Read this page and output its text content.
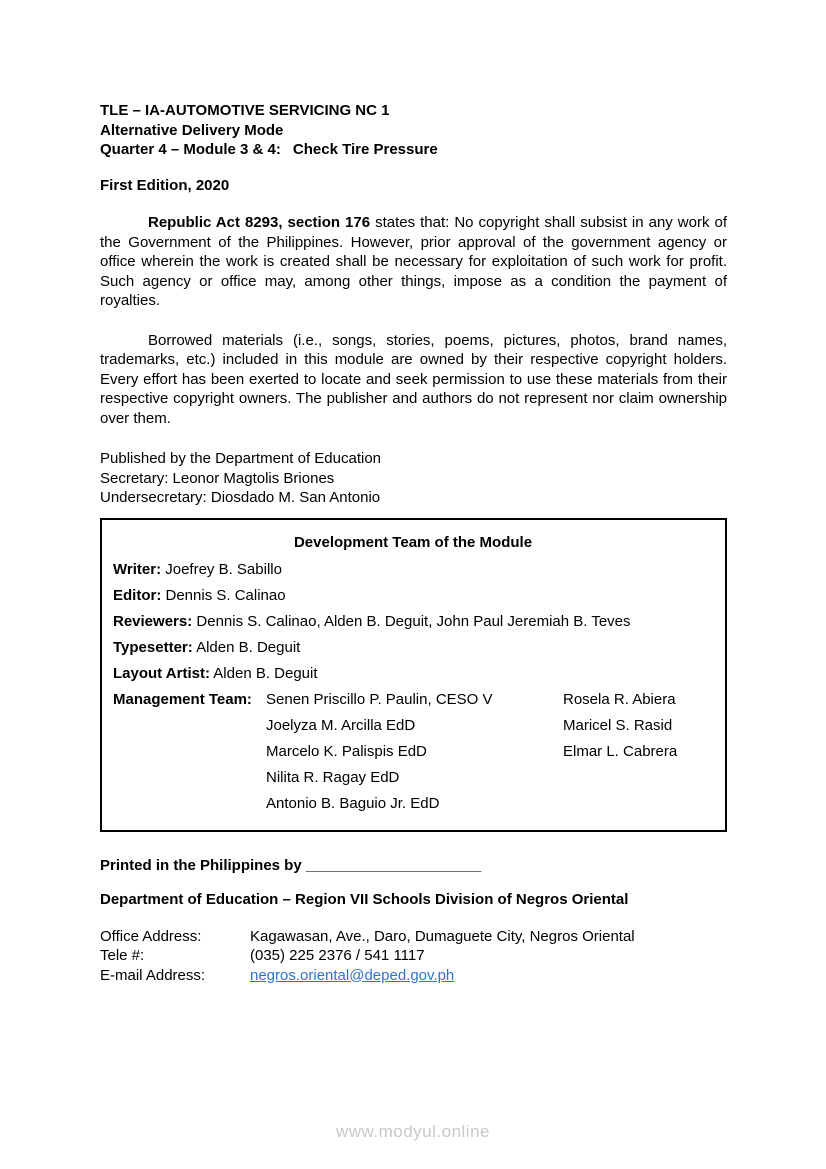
TLE – IA-AUTOMOTIVE SERVICING NC 1
Alternative Delivery Mode
Quarter 4 – Module 3 & 4: Check Tire Pressure
First Edition, 2020

Republic Act 8293, section 176 states that: No copyright shall subsist in any work of the Government of the Philippines. However, prior approval of the government agency or office wherein the work is created shall be necessary for exploitation of such work for profit. Such agency or office may, among other things, impose as a condition the payment of royalties.

Borrowed materials (i.e., songs, stories, poems, pictures, photos, brand names, trademarks, etc.) included in this module are owned by their respective copyright holders. Every effort has been exerted to locate and seek permission to use these materials from their respective copyright owners. The publisher and authors do not represent nor claim ownership over them.

Published by the Department of Education
Secretary: Leonor Magtolis Briones
Undersecretary: Diosdado M. San Antonio
Development Team of the Module
Writer: Joefrey B. Sabillo
Editor: Dennis S. Calinao
Reviewers: Dennis S. Calinao, Alden B. Deguit, John Paul Jeremiah B. Teves
Typesetter: Alden B. Deguit
Layout Artist: Alden B. Deguit
Management Team: Senen Priscillo P. Paulin, CESO V	Rosela R. Abiera
Joelyza M. Arcilla EdD	Maricel S. Rasid
Marcelo K. Palispis EdD	Elmar L. Cabrera
Nilita R. Ragay EdD
Antonio B. Baguio Jr. EdD
Printed in the Philippines by _____________________
Department of Education – Region VII Schools Division of Negros Oriental
Office Address:	Kagawasan, Ave., Daro, Dumaguete City, Negros Oriental
Tele #:	(035) 225 2376 / 541 1117
E-mail Address:	negros.oriental@deped.gov.ph
www.modyul.online
